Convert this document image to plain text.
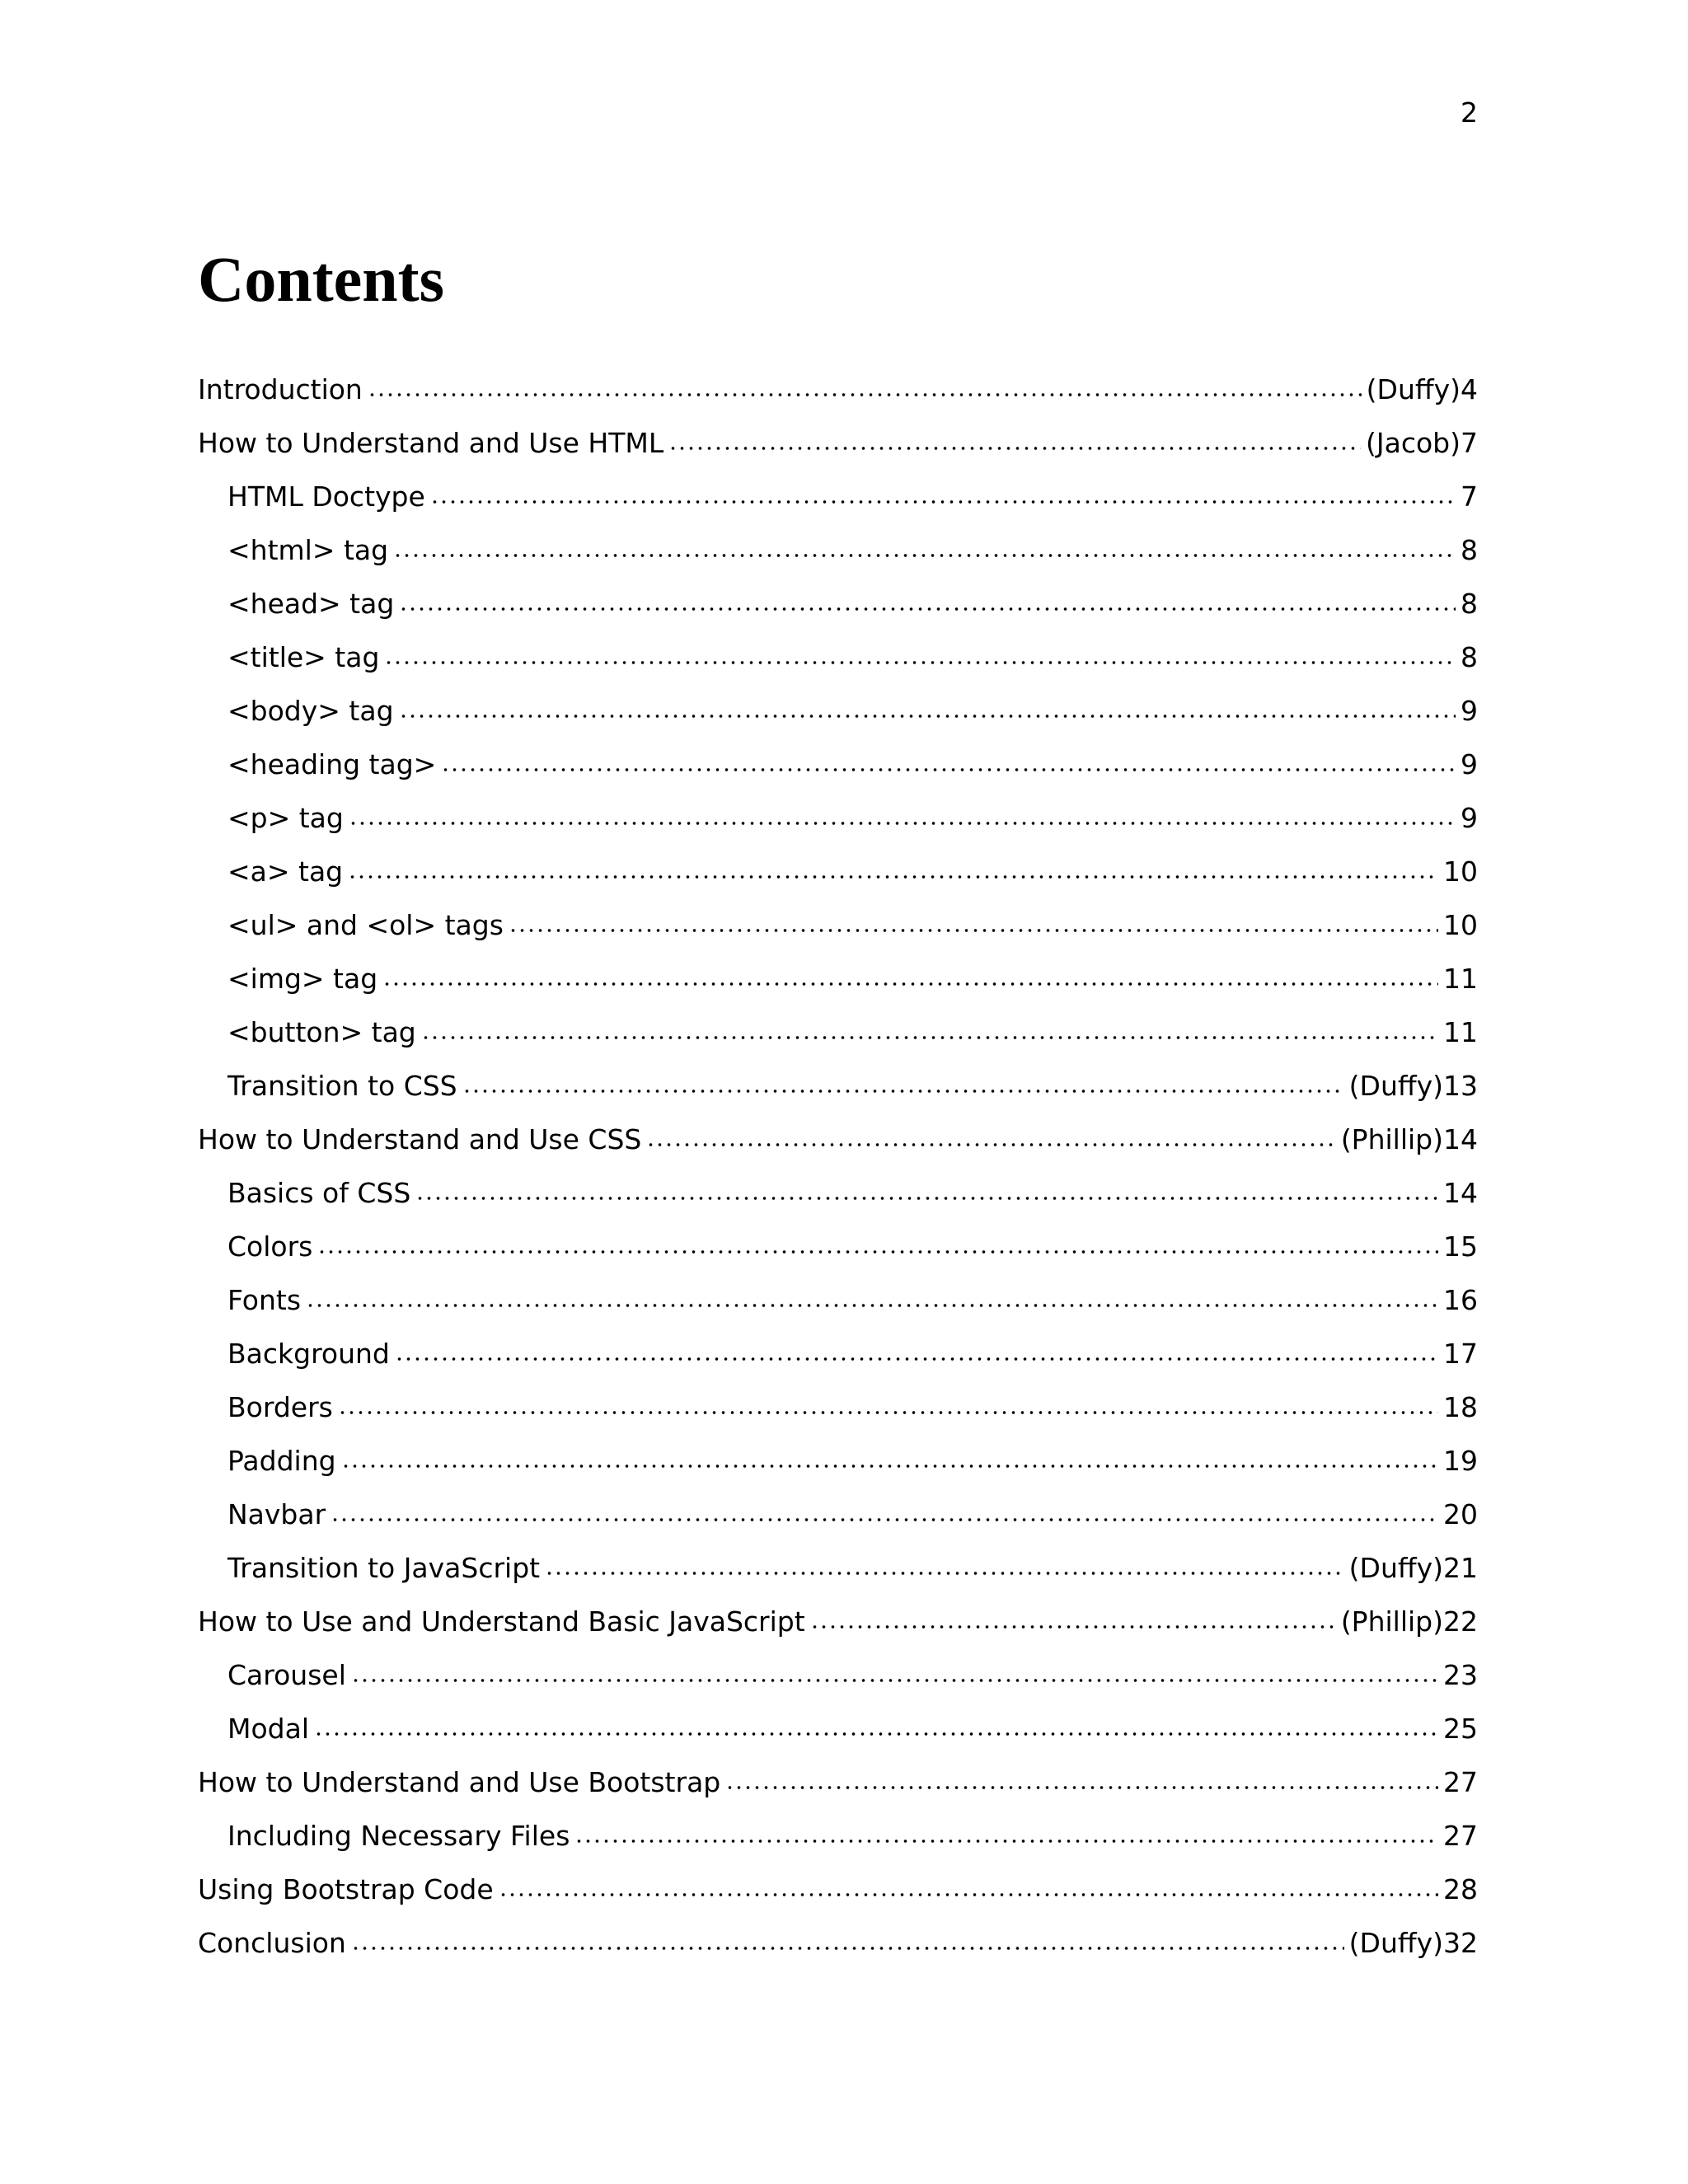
2
Contents
Introduction	(Duffy)4
How to Understand and Use HTML	(Jacob)7
HTML Doctype	7
<html> tag	8
<head> tag	8
<title> tag	8
<body> tag	9
<heading tag>	9
<p> tag	9
<a> tag	10
<ul> and <ol> tags	10
<img> tag	11
<button> tag	11
Transition to CSS	(Duffy)13
How to Understand and Use CSS	(Phillip)14
Basics of CSS	14
Colors	15
Fonts	16
Background	17
Borders	18
Padding	19
Navbar	20
Transition to JavaScript	(Duffy)21
How to Use and Understand Basic JavaScript	(Phillip)22
Carousel	23
Modal	25
How to Understand and Use Bootstrap	27
Including Necessary Files	27
Using Bootstrap Code	28
Conclusion	(Duffy)32
